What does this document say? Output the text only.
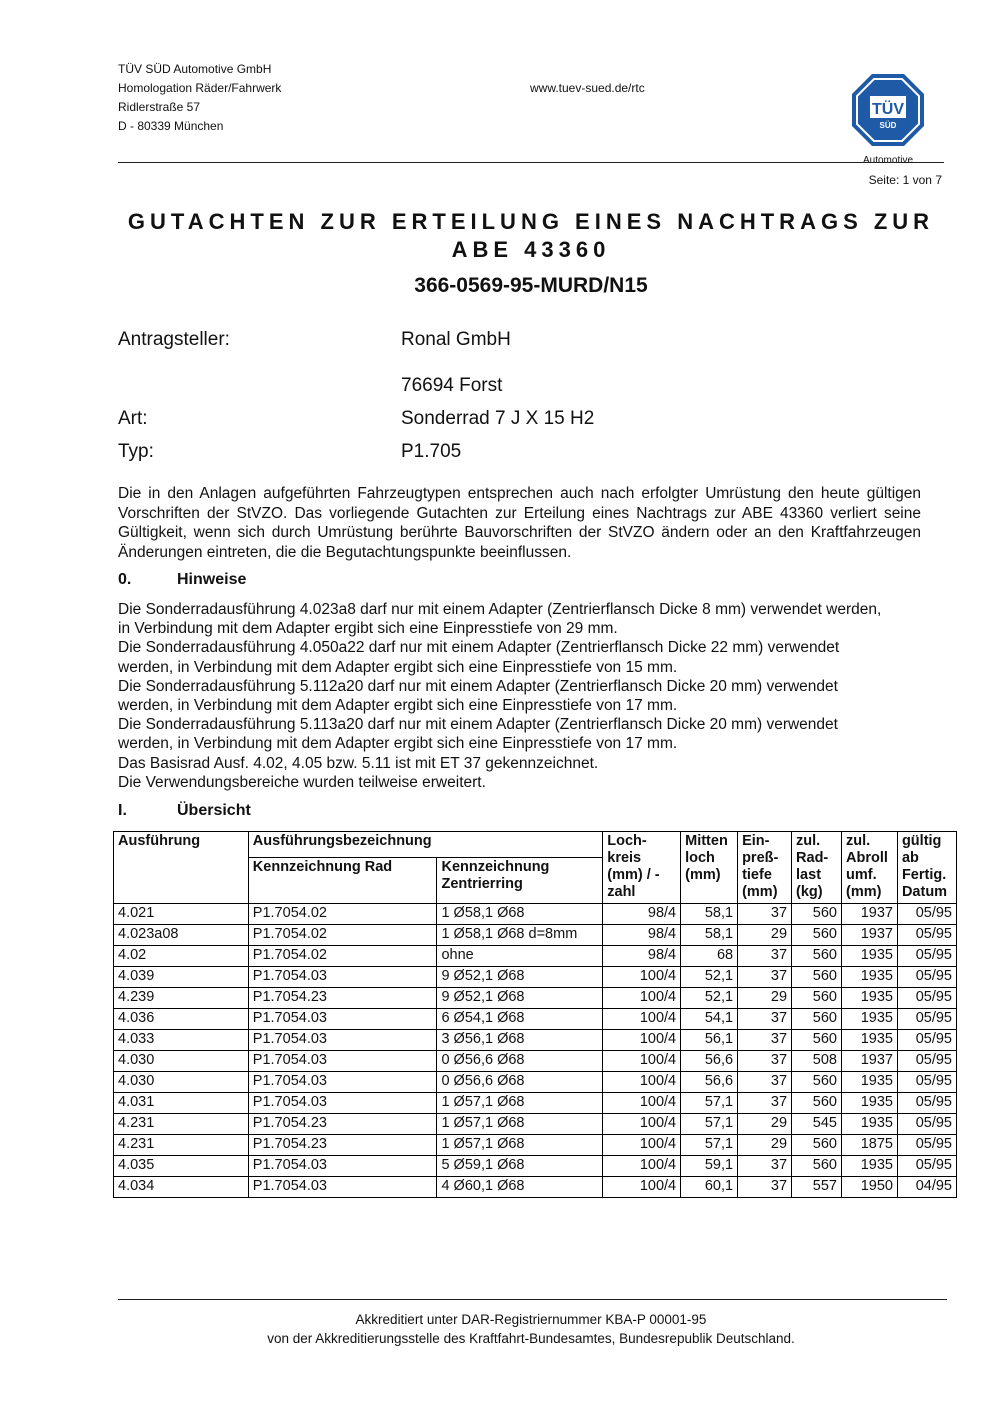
TÜV SÜD Automotive GmbH
Homologation Räder/Fahrwerk
Ridlerstraße 57
D - 80339 München
www.tuev-sued.de/rtc
TÜV
SÜD
Automotive
Seite: 1 von 7
GUTACHTEN ZUR ERTEILUNG EINES NACHTRAGS ZUR
ABE 43360
366-0569-95-MURD/N15
Antragsteller:	Ronal GmbH
76694 Forst
Art:	Sonderrad 7 J X 15 H2
Typ:	P1.705
Die in den Anlagen aufgeführten Fahrzeugtypen entsprechen auch nach erfolgter Umrüstung den heute gültigen Vorschriften der StVZO. Das vorliegende Gutachten zur Erteilung eines Nachtrags zur ABE 43360 verliert seine Gültigkeit, wenn sich durch Umrüstung berührte Bauvorschriften der StVZO ändern oder an den Kraftfahrzeugen Änderungen eintreten, die die Begutachtungspunkte beeinflussen.
0.	Hinweise
Die Sonderradausführung 4.023a8 darf nur mit einem Adapter (Zentrierflansch Dicke 8 mm) verwendet werden,
in Verbindung mit dem Adapter ergibt sich eine Einpresstiefe von 29 mm.
Die Sonderradausführung 4.050a22 darf nur mit einem Adapter (Zentrierflansch Dicke 22 mm) verwendet
werden, in Verbindung mit dem Adapter ergibt sich eine Einpresstiefe von 15 mm.
Die Sonderradausführung 5.112a20 darf nur mit einem Adapter (Zentrierflansch Dicke 20 mm) verwendet
werden, in Verbindung mit dem Adapter ergibt sich eine Einpresstiefe von 17 mm.
Die Sonderradausführung 5.113a20 darf nur mit einem Adapter (Zentrierflansch Dicke 20 mm) verwendet
werden, in Verbindung mit dem Adapter ergibt sich eine Einpresstiefe von 17 mm.
Das Basisrad Ausf. 4.02, 4.05 bzw. 5.11 ist mit ET 37 gekennzeichnet.
Die Verwendungsbereiche wurden teilweise erweitert.
I.	Übersicht
Ausführung	Ausführungsbezeichnung		Loch-kreis (mm) / -zahl	Mitten loch (mm)	Ein-preß-tiefe (mm)	zul. Rad-last (kg)	zul. Abroll umf. (mm)	gültig ab Fertig. Datum
	Kennzeichnung Rad	Kennzeichnung Zentrierring						
4.021	P1.7054.02	1 Ø58,1 Ø68	98/4	58,1	37	560	1937	05/95
4.023a08	P1.7054.02	1 Ø58,1 Ø68 d=8mm	98/4	58,1	29	560	1937	05/95
4.02	P1.7054.02	ohne	98/4	68	37	560	1935	05/95
4.039	P1.7054.03	9 Ø52,1 Ø68	100/4	52,1	37	560	1935	05/95
4.239	P1.7054.23	9 Ø52,1 Ø68	100/4	52,1	29	560	1935	05/95
4.036	P1.7054.03	6 Ø54,1 Ø68	100/4	54,1	37	560	1935	05/95
4.033	P1.7054.03	3 Ø56,1 Ø68	100/4	56,1	37	560	1935	05/95
4.030	P1.7054.03	0 Ø56,6 Ø68	100/4	56,6	37	508	1937	05/95
4.030	P1.7054.03	0 Ø56,6 Ø68	100/4	56,6	37	560	1935	05/95
4.031	P1.7054.03	1 Ø57,1 Ø68	100/4	57,1	37	560	1935	05/95
4.231	P1.7054.23	1 Ø57,1 Ø68	100/4	57,1	29	545	1935	05/95
4.231	P1.7054.23	1 Ø57,1 Ø68	100/4	57,1	29	560	1875	05/95
4.035	P1.7054.03	5 Ø59,1 Ø68	100/4	59,1	37	560	1935	05/95
4.034	P1.7054.03	4 Ø60,1 Ø68	100/4	60,1	37	557	1950	04/95
Akkreditiert unter DAR-Registriernummer KBA-P 00001-95
von der Akkreditierungsstelle des Kraftfahrt-Bundesamtes, Bundesrepublik Deutschland.
